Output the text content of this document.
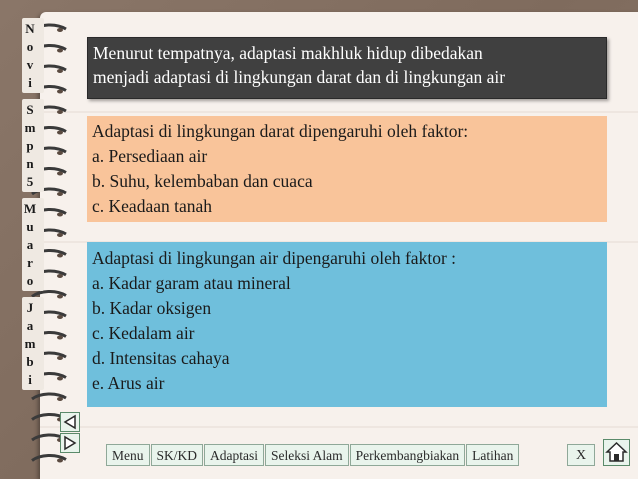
N
o
v
i
S
m
p
n
5
M
u
a
r
o
J
a
m
b
i
Menurut tempatnya, adaptasi makhluk hidup dibedakan
menjadi adaptasi di lingkungan darat dan di lingkungan air
Adaptasi di lingkungan darat dipengaruhi oleh faktor:
a. Persediaan air
b. Suhu, kelembaban dan cuaca
c. Keadaan tanah
Adaptasi di lingkungan air dipengaruhi oleh faktor :
a. Kadar garam atau mineral
b. Kadar oksigen
c. Kedalam air
d. Intensitas cahaya
e. Arus air
Menu SK/KD Adaptasi Seleksi Alam Perkembangbiakan Latihan	X
